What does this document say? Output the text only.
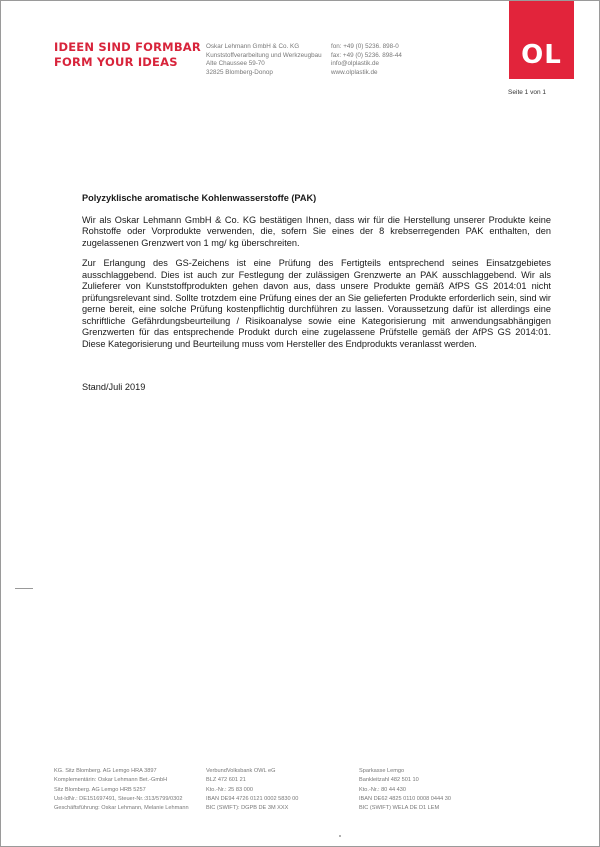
IDEEN SIND FORMBAR
FORM YOUR IDEAS
Oskar Lehmann GmbH & Co. KG
Kunststoffverarbeitung und Werkzeugbau
Alte Chaussee 59-70
32825 Blomberg-Donop
fon: +49 (0) 5236. 898-0
fax: +49 (0) 5236. 898-44
info@olplastik.de
www.olplastik.de
OL
Seite 1 von 1
Polyzyklische aromatische Kohlenwasserstoffe (PAK)

Wir als Oskar Lehmann GmbH & Co. KG bestätigen Ihnen, dass wir für die Herstellung unserer Produkte keine Rohstoffe oder Vorprodukte verwenden, die, sofern Sie eines der 8 krebserregenden PAK enthalten, den zugelassenen Grenzwert von 1 mg/ kg überschreiten.

Zur Erlangung des GS-Zeichens ist eine Prüfung des Fertigteils entsprechend seines Einsatzgebietes ausschlaggebend. Dies ist auch zur Festlegung der zulässigen Grenzwerte an PAK ausschlaggebend. Wir als Zulieferer von Kunststoffprodukten gehen davon aus, dass unsere Produkte gemäß AfPS GS 2014:01 nicht prüfungsrelevant sind. Sollte trotzdem eine Prüfung eines der an Sie gelieferten Produkte erforderlich sein, sind wir gerne bereit, eine solche Prüfung kostenpflichtig durchführen zu lassen. Voraussetzung dafür ist allerdings eine schriftliche Gefährdungsbeurteilung / Risikoanalyse sowie eine Kategorisierung mit anwendungsabhängigen Grenzwerten für das entsprechende Produkt durch eine zugelassene Prüfstelle gemäß der AfPS GS 2014:01. Diese Kategorisierung und Beurteilung muss vom Hersteller des Endprodukts veranlasst werden.

Stand/Juli 2019
KG. Sitz Blomberg. AG Lemgo HRA 3897
Komplementärin: Oskar Lehmann Bet.-GmbH
Sitz Blomberg. AG Lemgo HRB 5257
Ust-IdNr.: DE151697491, Steuer-Nr.:313/5799/0302
Geschäftsführung: Oskar Lehmann, Melanie Lehmann
VerbundVolksbank OWL eG
BLZ 472 601 21
Kto.-Nr.: 25 83 000
IBAN DE94 4726 0121 0002 5830 00
BIC (SWIFT): DGPB DE 3M XXX
Sparkasse Lemgo
Bankleitzahl 482 501 10
Kto.-Nr.: 80 44 430
IBAN DE62 4825 0110 0008 0444 30
BIC (SWIFT) WELA DE D1 LEM
